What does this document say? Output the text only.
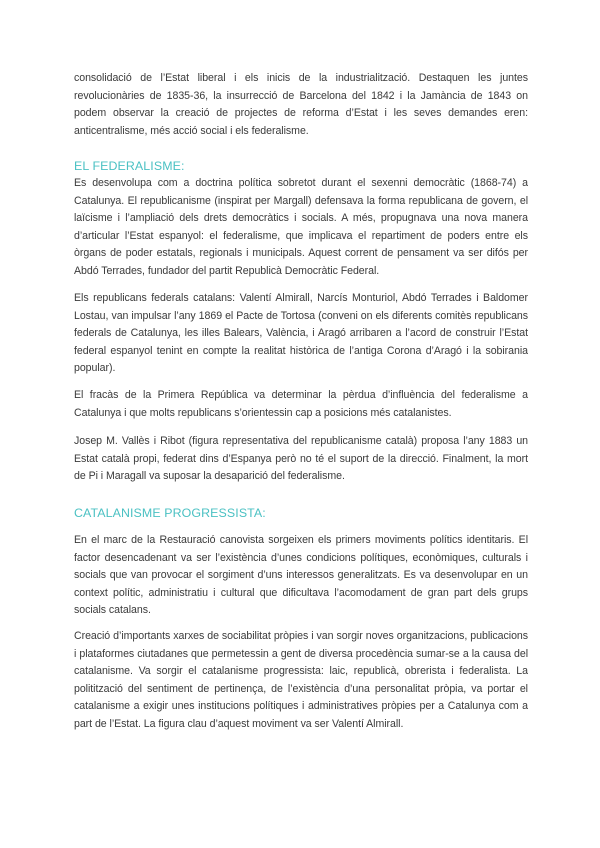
consolidació de l’Estat liberal i els inicis de la industrialització. Destaquen les juntes revolucionàries de 1835-36, la insurrecció de Barcelona del 1842 i la Jamància de 1843 on podem observar la creació de projectes de reforma d’Estat i les seves demandes eren: anticentralisme, més acció social i els federalisme.

EL FEDERALISME:

Es desenvolupa com a doctrina política sobretot durant el sexenni democràtic (1868-74) a Catalunya. El republicanisme (inspirat per Margall) defensava la forma republicana de govern, el laïcisme i l’ampliació dels drets democràtics i socials. A més, propugnava una nova manera d’articular l’Estat espanyol: el federalisme, que implicava el repartiment de poders entre els òrgans de poder estatals, regionals i municipals. Aquest corrent de pensament va ser difós per Abdó Terrades, fundador del partit Republicà Democràtic Federal.

Els republicans federals catalans: Valentí Almirall, Narcís Monturiol, Abdó Terrades i Baldomer Lostau, van impulsar l’any 1869 el Pacte de Tortosa (conveni on els diferents comitès republicans federals de Catalunya, les illes Balears, València, i Aragó arribaren a l’acord de construir l’Estat federal espanyol tenint en compte la realitat històrica de l’antiga Corona d’Aragó i la sobirania popular).

El fracàs de la Primera República va determinar la pèrdua d’influència del federalisme a Catalunya i que molts republicans s’orientessin cap a posicions més catalanistes.

Josep M. Vallès i Ribot (figura representativa del republicanisme català) proposa l’any 1883 un Estat català propi, federat dins d’Espanya però no té el suport de la direcció. Finalment, la mort de Pi i Maragall va suposar la desaparició del federalisme.

CATALANISME PROGRESSISTA:

En el marc de la Restauració canovista sorgeixen els primers moviments polítics identitaris. El factor desencadenant va ser l’existència d’unes condicions polítiques, econòmiques, culturals i socials que van provocar el sorgiment d’uns interessos generalitzats. Es va desenvolupar en un context polític, administratiu i cultural que dificultava l’acomodament de gran part dels grups socials catalans.

Creació d’importants xarxes de sociabilitat pròpies i van sorgir noves organitzacions, publicacions i plataformes ciutadanes que permetessin a gent de diversa procedència sumar-se a la causa del catalanisme. Va sorgir el catalanisme progressista: laic, republicà, obrerista i federalista. La politització del sentiment de pertinença, de l’existència d’una personalitat pròpia, va portar el catalanisme a exigir unes institucions polítiques i administratives pròpies per a Catalunya com a part de l’Estat. La figura clau d’aquest moviment va ser Valentí Almirall.
